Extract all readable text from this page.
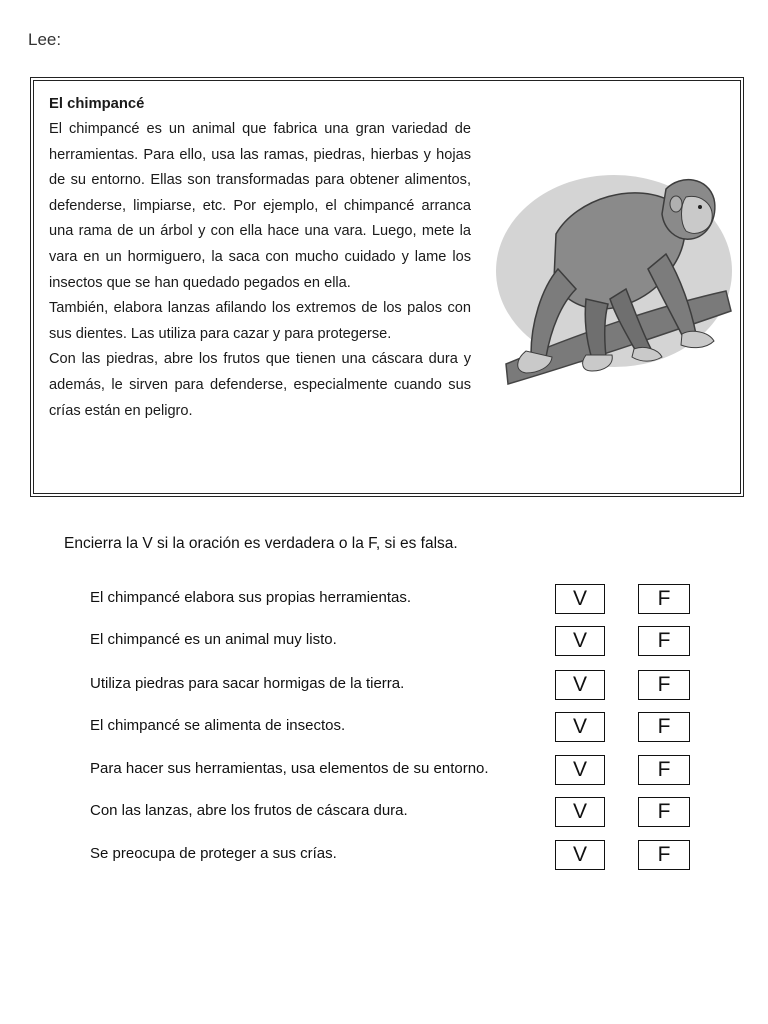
Lee:
El chimpancé

El chimpancé es un animal que fabrica una gran variedad de herramientas. Para ello, usa las ramas, piedras, hierbas y hojas de su entorno. Ellas son transformadas para obtener alimentos, defenderse, limpiarse, etc. Por ejemplo, el chimpancé arranca una rama de un árbol y con ella hace una vara. Luego, mete la vara en un hormiguero, la saca con mucho cuidado y lame los insectos que se han quedado pegados en ella.

También, elabora lanzas afilando los extremos de los palos con sus dientes. Las utiliza para cazar y para protegerse.

Con las piedras, abre los frutos que tienen una cáscara dura y además, le sirven para defenderse, especialmente cuando sus crías están en peligro.

Encierra la V si la oración es verdadera o la F, si es falsa.
El chimpancé elabora sus propias herramientas.	V	F
El chimpancé es un animal muy listo.	V	F
Utiliza piedras para sacar hormigas de la tierra.	V	F
El chimpancé se alimenta de insectos.	V	F
Para hacer sus herramientas, usa elementos de su entorno.	V	F
Con las lanzas, abre los frutos de cáscara dura.	V	F
Se preocupa de proteger a sus crías.	V	F
